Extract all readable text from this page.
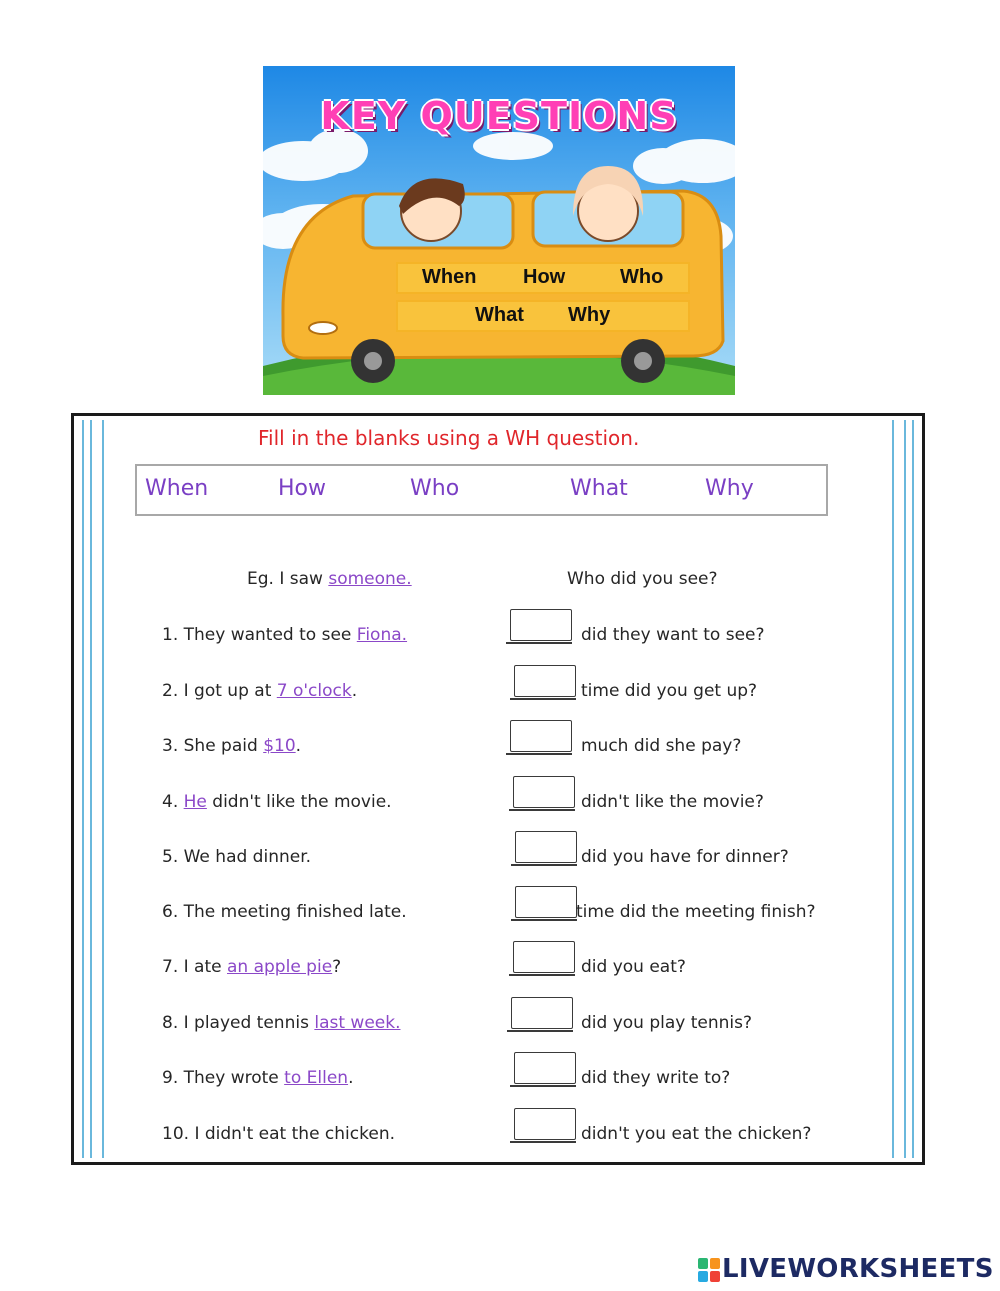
KEY QUESTIONS
When How	Who
What Why
Fill in the blanks using a WH question.
When	How	Who	What	Why
Eg. I saw someone.	Who did you see?
1. They wanted to see Fiona.	did they want to see?
2. I got up at 7 o'clock.	time did you get up?
3. She paid $10.	much did she pay?
4. He didn't like the movie.	didn't like the movie?
5. We had dinner.	did you have for dinner?
6. The meeting finished late.	time did the meeting finish?
7. I ate an apple pie?	did you eat?
8. I played tennis last week.	did you play tennis?
9. They wrote to Ellen.	did they write to?
10. I didn't eat the chicken.	didn't you eat the chicken?
LIVEWORKSHEETS
